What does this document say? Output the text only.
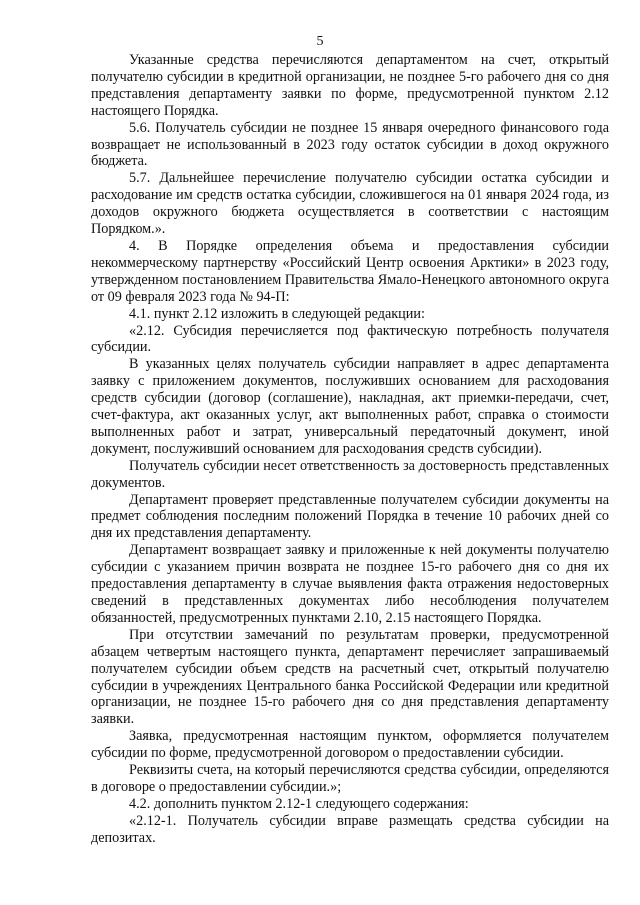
5

Указанные средства перечисляются департаментом на счет, открытый получателю субсидии в кредитной организации, не позднее 5-го рабочего дня со дня представления департаменту заявки по форме, предусмотренной пунктом 2.12 настоящего Порядка.

5.6. Получатель субсидии не позднее 15 января очередного финансового года возвращает не использованный в 2023 году остаток субсидии в доход окружного бюджета.

5.7. Дальнейшее перечисление получателю субсидии остатка субсидии и расходование им средств остатка субсидии, сложившегося на 01 января 2024 года, из доходов окружного бюджета осуществляется в соответствии с настоящим Порядком.».

4. В Порядке определения объема и предоставления субсидии некоммерческому партнерству «Российский Центр освоения Арктики» в 2023 году, утвержденном постановлением Правительства Ямало-Ненецкого автономного округа от 09 февраля 2023 года № 94-П:

4.1. пункт 2.12 изложить в следующей редакции:

«2.12. Субсидия перечисляется под фактическую потребность получателя субсидии.

В указанных целях получатель субсидии направляет в адрес департамента заявку с приложением документов, послуживших основанием для расходования средств субсидии (договор (соглашение), накладная, акт приемки-передачи, счет, счет-фактура, акт оказанных услуг, акт выполненных работ, справка о стоимости выполненных работ и затрат, универсальный передаточный документ, иной документ, послуживший основанием для расходования средств субсидии).

Получатель субсидии несет ответственность за достоверность представленных документов.

Департамент проверяет представленные получателем субсидии документы на предмет соблюдения последним положений Порядка в течение 10 рабочих дней со дня их представления департаменту.

Департамент возвращает заявку и приложенные к ней документы получателю субсидии с указанием причин возврата не позднее 15-го рабочего дня со дня их предоставления департаменту в случае выявления факта отражения недостоверных сведений в представленных документах либо несоблюдения получателем обязанностей, предусмотренных пунктами 2.10, 2.15 настоящего Порядка.

При отсутствии замечаний по результатам проверки, предусмотренной абзацем четвертым настоящего пункта, департамент перечисляет запрашиваемый получателем субсидии объем средств на расчетный счет, открытый получателю субсидии в учреждениях Центрального банка Российской Федерации или кредитной организации, не позднее 15-го рабочего дня со дня представления департаменту заявки.

Заявка, предусмотренная настоящим пунктом, оформляется получателем субсидии по форме, предусмотренной договором о предоставлении субсидии.

Реквизиты счета, на который перечисляются средства субсидии, определяются в договоре о предоставлении субсидии.»;

4.2. дополнить пунктом 2.12-1 следующего содержания:

«2.12-1. Получатель субсидии вправе размещать средства субсидии на депозитах.
